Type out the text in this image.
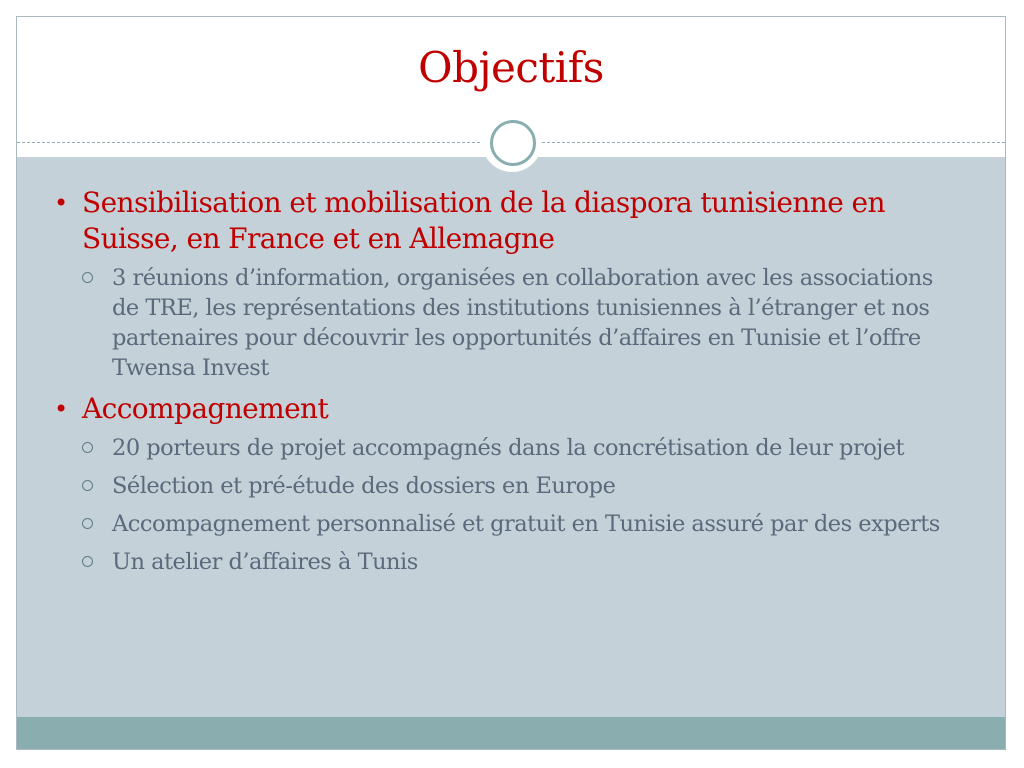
Objectifs
• Sensibilisation et mobilisation de la diaspora tunisienne en Suisse, en France et en Allemagne
3 réunions d’information, organisées en collaboration avec les associations de TRE, les représentations des institutions tunisiennes à l’étranger et nos partenaires pour découvrir les opportunités d’affaires en Tunisie et l’offre Twensa Invest
• Accompagnement
20 porteurs de projet accompagnés dans la concrétisation de leur projet
Sélection et pré-étude des dossiers en Europe
Accompagnement personnalisé et gratuit en Tunisie assuré par des experts
Un atelier d’affaires à Tunis
